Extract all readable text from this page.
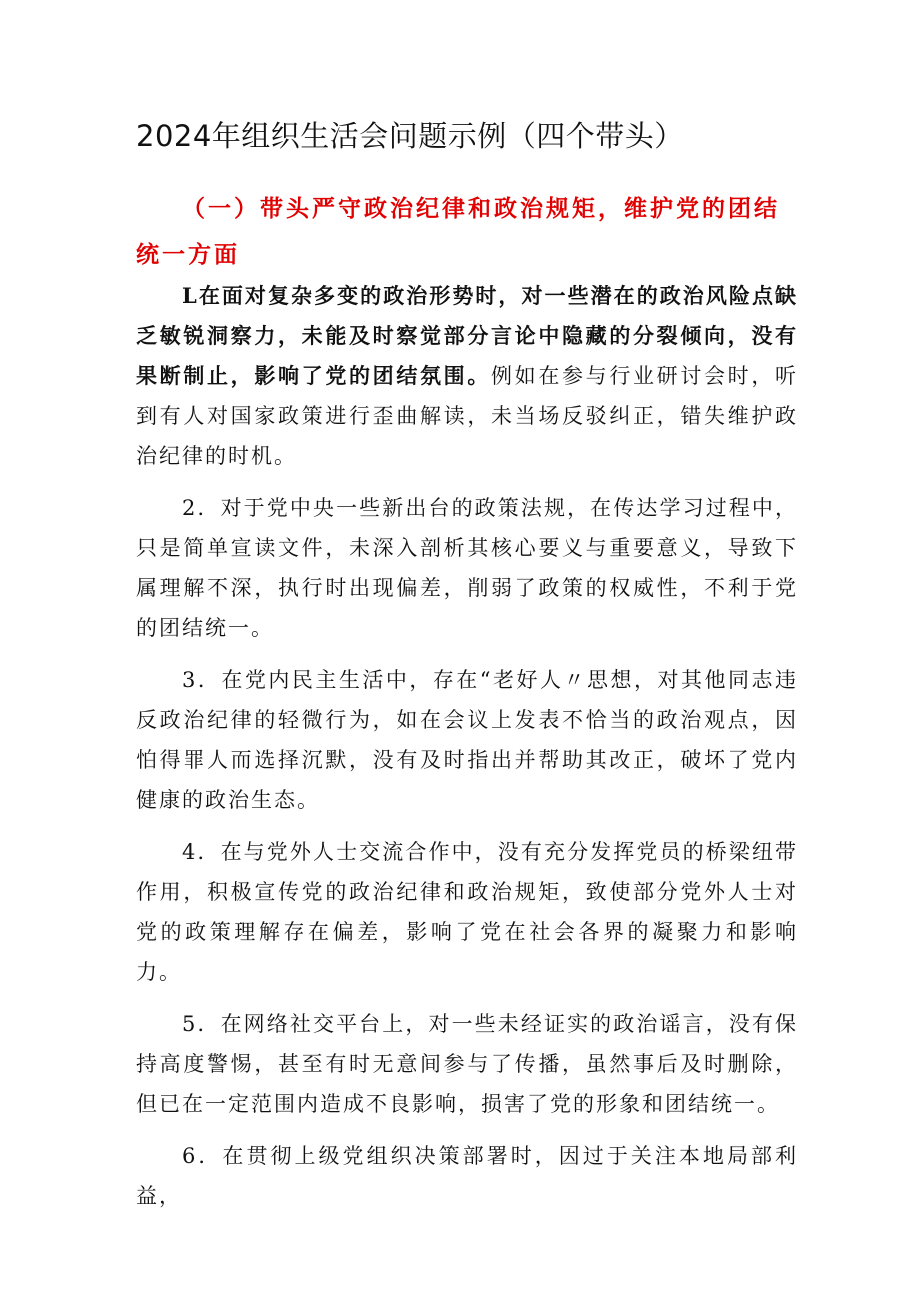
2024年组织生活会问题示例（四个带头）
（一）带头严守政治纪律和政治规矩，维护党的团结统一方面

L在面对复杂多变的政治形势时，对一些潜在的政治风险点缺乏敏锐洞察力，未能及时察觉部分言论中隐藏的分裂倾向，没有果断制止，影响了党的团结氛围。例如在参与行业研讨会时，听到有人对国家政策进行歪曲解读，未当场反驳纠正，错失维护政治纪律的时机。

2．对于党中央一些新出台的政策法规，在传达学习过程中，只是简单宣读文件，未深入剖析其核心要义与重要意义，导致下属理解不深，执行时出现偏差，削弱了政策的权威性，不利于党的团结统一。

3．在党内民主生活中，存在“老好人〃思想，对其他同志违反政治纪律的轻微行为，如在会议上发表不恰当的政治观点，因怕得罪人而选择沉默，没有及时指出并帮助其改正，破坏了党内健康的政治生态。

4．在与党外人士交流合作中，没有充分发挥党员的桥梁纽带作用，积极宣传党的政治纪律和政治规矩，致使部分党外人士对党的政策理解存在偏差，影响了党在社会各界的凝聚力和影响力。

5．在网络社交平台上，对一些未经证实的政治谣言，没有保持高度警惕，甚至有时无意间参与了传播，虽然事后及时删除，但已在一定范围内造成不良影响，损害了党的形象和团结统一。

6．在贯彻上级党组织决策部署时，因过于关注本地局部利益，
